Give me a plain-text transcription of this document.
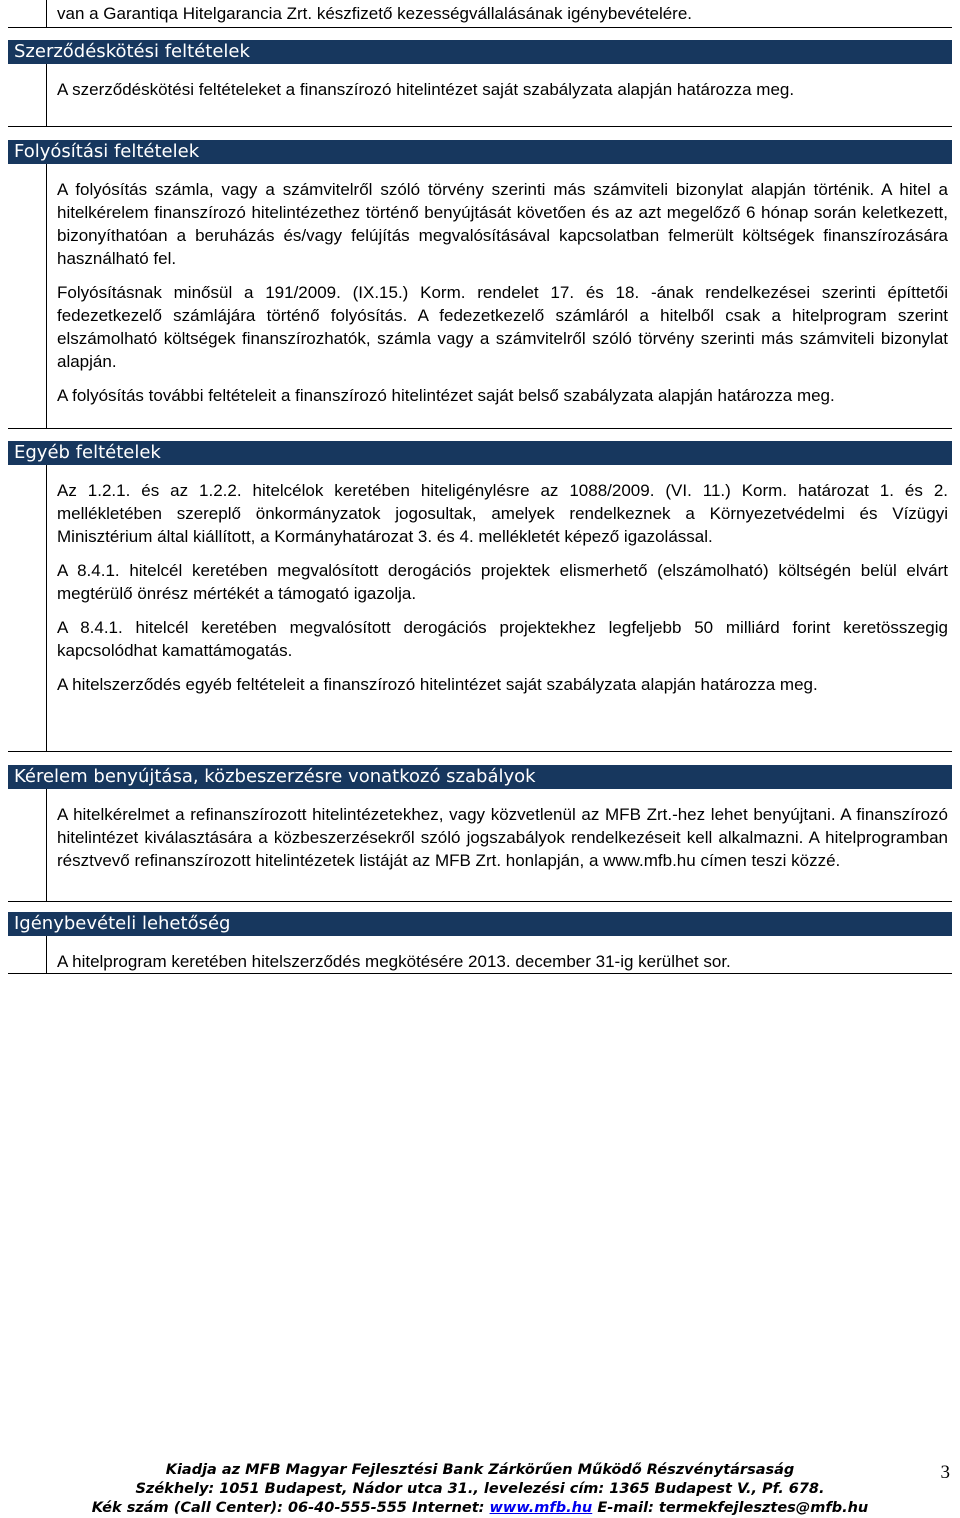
van a Garantiqa Hitelgarancia Zrt. készfizető kezességvállalásának igénybevételére.

Szerződéskötési feltételek

A szerződéskötési feltételeket a finanszírozó hitelintézet saját szabályzata alapján határozza meg.

Folyósítási feltételek

A folyósítás számla, vagy a számvitelről szóló törvény szerinti más számviteli bizonylat alapján történik. A hitel a hitelkérelem finanszírozó hitelintézethez történő benyújtását követően és az azt megelőző 6 hónap során keletkezett, bizonyíthatóan a beruházás és/vagy felújítás megvalósításával kapcsolatban felmerült költségek finanszírozására használható fel.

Folyósításnak minősül a 191/2009. (IX.15.) Korm. rendelet 17. és 18. -ának rendelkezései szerinti építtetői fedezetkezelő számlájára történő folyósítás. A fedezetkezelő számláról a hitelből csak a hitelprogram szerint elszámolható költségek finanszírozhatók, számla vagy a számvitelről szóló törvény szerinti más számviteli bizonylat alapján.

A folyósítás további feltételeit a finanszírozó hitelintézet saját belső szabályzata alapján határozza meg.

Egyéb feltételek

Az 1.2.1. és az 1.2.2. hitelcélok keretében hiteligénylésre az 1088/2009. (VI. 11.) Korm. határozat 1. és 2. mellékletében szereplő önkormányzatok jogosultak, amelyek rendelkeznek a Környezetvédelmi és Vízügyi Minisztérium által kiállított, a Kormányhatározat 3. és 4. mellékletét képező igazolással.

A 8.4.1. hitelcél keretében megvalósított derogációs projektek elismerhető (elszámolható) költségén belül elvárt megtérülő önrész mértékét a támogató igazolja.

A 8.4.1. hitelcél keretében megvalósított derogációs projektekhez legfeljebb 50 milliárd forint keretösszegig kapcsolódhat kamattámogatás.

A hitelszerződés egyéb feltételeit a finanszírozó hitelintézet saját szabályzata alapján határozza meg.

Kérelem benyújtása, közbeszerzésre vonatkozó szabályok

A hitelkérelmet a refinanszírozott hitelintézetekhez, vagy közvetlenül az MFB Zrt.-hez lehet benyújtani. A finanszírozó hitelintézet kiválasztására a közbeszerzésekről szóló jogszabályok rendelkezéseit kell alkalmazni. A hitelprogramban résztvevő refinanszírozott hitelintézetek listáját az MFB Zrt. honlapján, a www.mfb.hu címen teszi közzé.

Igénybevételi lehetőség

A hitelprogram keretében hitelszerződés megkötésére 2013. december 31-ig kerülhet sor.

Kiadja az MFB Magyar Fejlesztési Bank Zárkörűen Működő Részvénytársaság
Székhely: 1051 Budapest, Nádor utca 31., levelezési cím: 1365 Budapest V., Pf. 678.
Kék szám (Call Center): 06-40-555-555 Internet: www.mfb.hu E-mail: termekfejlesztes@mfb.hu
3
